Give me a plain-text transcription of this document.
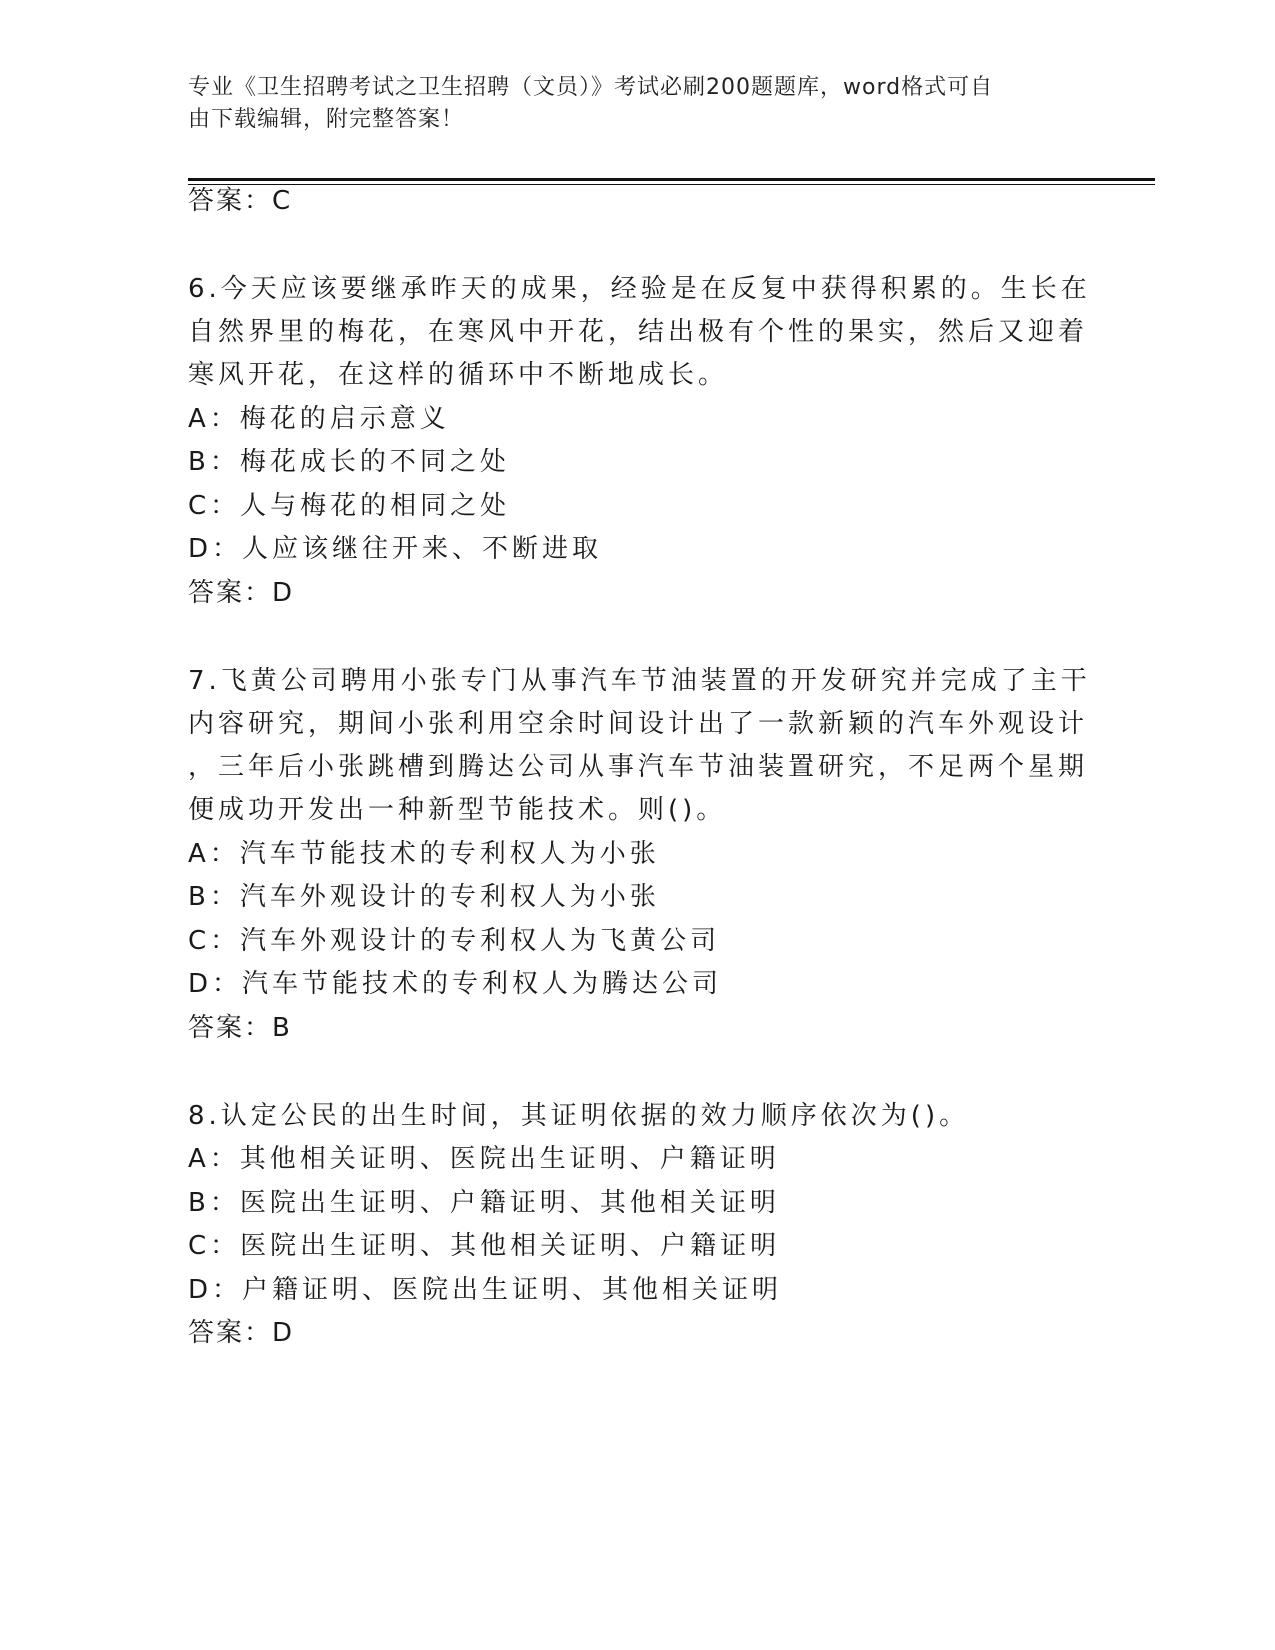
专业《卫生招聘考试之卫生招聘（文员）》考试必刷200题题库，word格式可自
由下载编辑，附完整答案！
答案：C
6.今天应该要继承昨天的成果，经验是在反复中获得积累的。生长在
自然界里的梅花，在寒风中开花，结出极有个性的果实，然后又迎着
寒风开花，在这样的循环中不断地成长。
A：梅花的启示意义
B：梅花成长的不同之处
C：人与梅花的相同之处
D：人应该继往开来、不断进取
答案：D
7.飞黄公司聘用小张专门从事汽车节油装置的开发研究并完成了主干
内容研究，期间小张利用空余时间设计出了一款新颖的汽车外观设计
，三年后小张跳槽到腾达公司从事汽车节油装置研究，不足两个星期
便成功开发出一种新型节能技术。则()。
A：汽车节能技术的专利权人为小张
B：汽车外观设计的专利权人为小张
C：汽车外观设计的专利权人为飞黄公司
D：汽车节能技术的专利权人为腾达公司
答案：B
8.认定公民的出生时间，其证明依据的效力顺序依次为()。
A：其他相关证明、医院出生证明、户籍证明
B：医院出生证明、户籍证明、其他相关证明
C：医院出生证明、其他相关证明、户籍证明
D：户籍证明、医院出生证明、其他相关证明
答案：D
